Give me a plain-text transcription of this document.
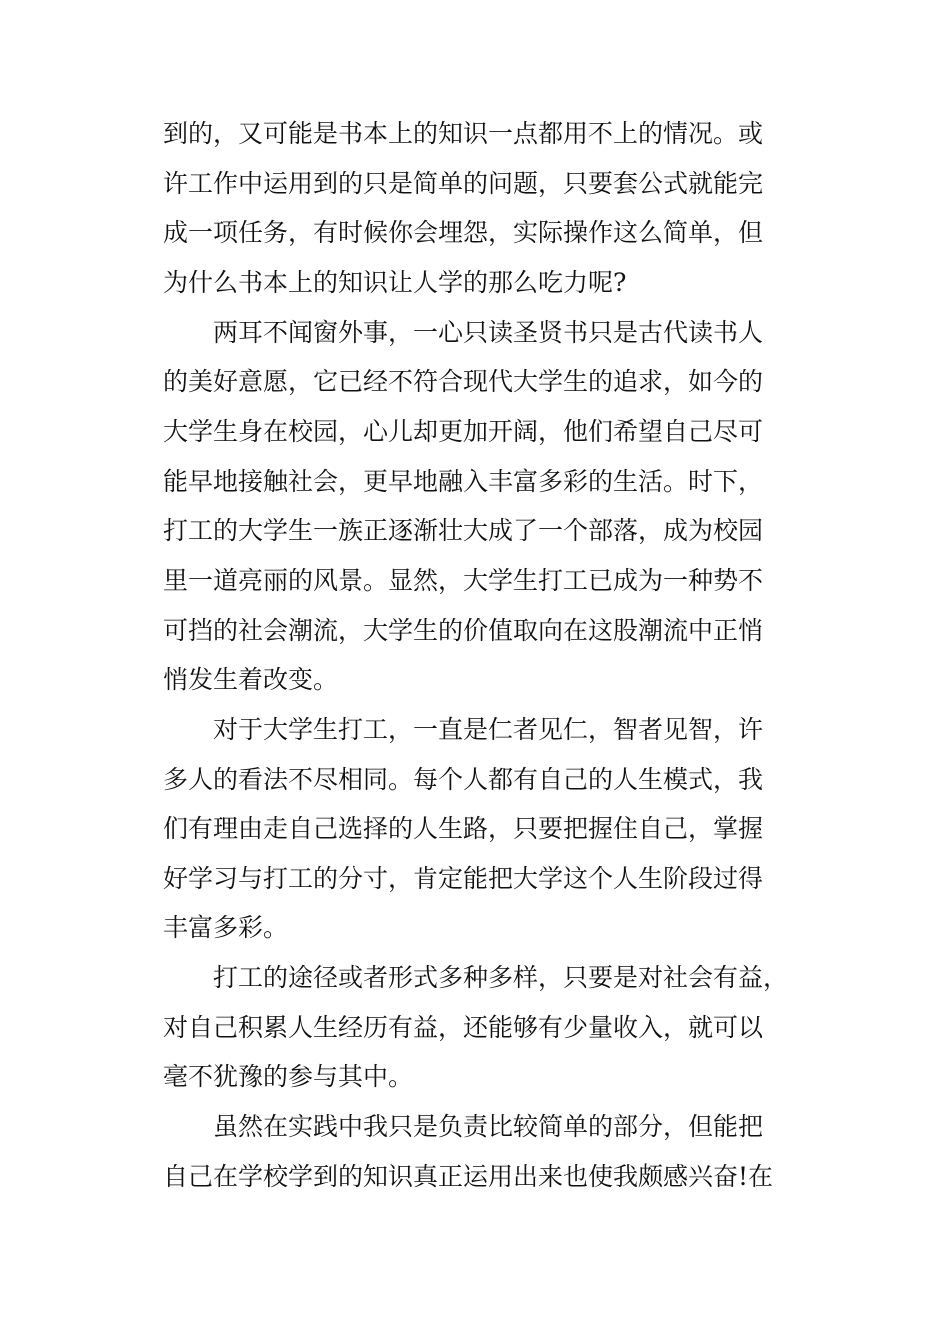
到的，又可能是书本上的知识一点都用不上的情况。或
许工作中运用到的只是简单的问题，只要套公式就能完
成一项任务，有时候你会埋怨，实际操作这么简单，但
为什么书本上的知识让人学的那么吃力呢?
两耳不闻窗外事，一心只读圣贤书只是古代读书人
的美好意愿，它已经不符合现代大学生的追求，如今的
大学生身在校园，心儿却更加开阔，他们希望自己尽可
能早地接触社会，更早地融入丰富多彩的生活。时下，
打工的大学生一族正逐渐壮大成了一个部落，成为校园
里一道亮丽的风景。显然，大学生打工已成为一种势不
可挡的社会潮流，大学生的价值取向在这股潮流中正悄
悄发生着改变。
对于大学生打工，一直是仁者见仁，智者见智，许
多人的看法不尽相同。每个人都有自己的人生模式，我
们有理由走自己选择的人生路，只要把握住自己，掌握
好学习与打工的分寸，肯定能把大学这个人生阶段过得
丰富多彩。
打工的途径或者形式多种多样，只要是对社会有益，
对自己积累人生经历有益，还能够有少量收入，就可以
毫不犹豫的参与其中。
虽然在实践中我只是负责比较简单的部分，但能把
自己在学校学到的知识真正运用出来也使我颇感兴奋!在
